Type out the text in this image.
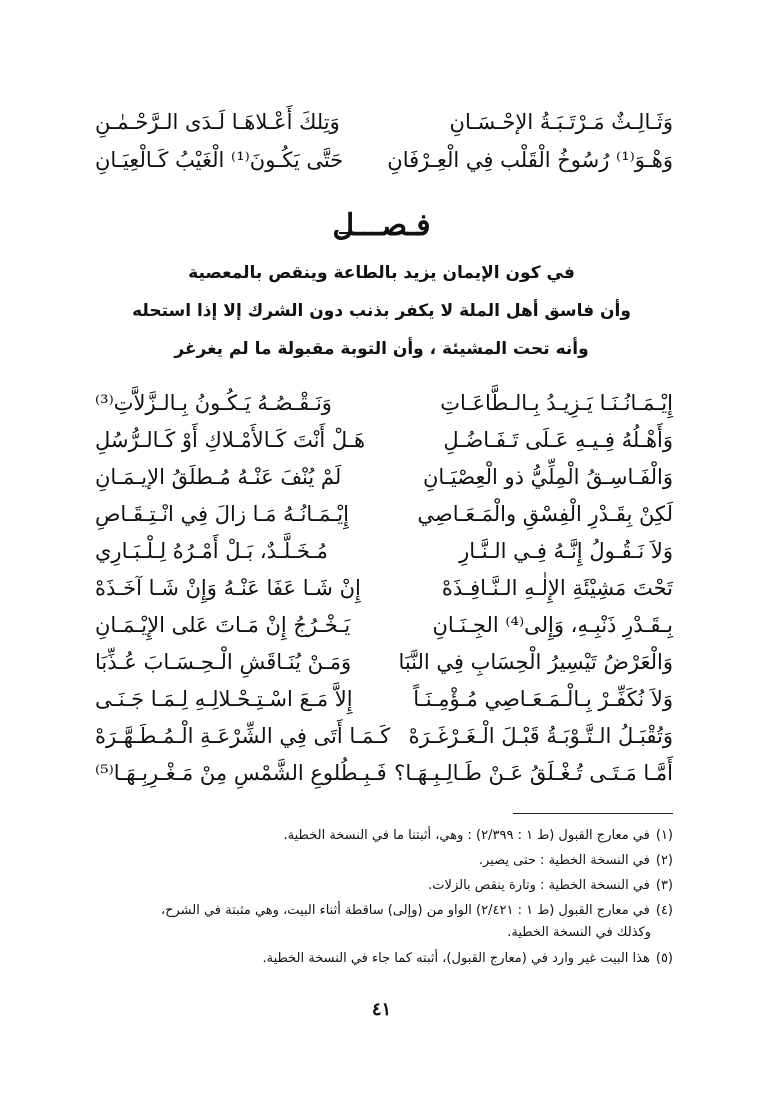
وَثَـالِـثٌ مَـرْتَـبَـةُ الإحْـسَـانِ
وَتِلكَ أَعْـلاهَـا لَـدَى الـرَّحْـمٰـنِ
وَهْـوَ⁽¹⁾ رُسُوخُ الْقَلْب فِي الْعِـرْفَانِ
حَتَّى يَكُـونَ⁽¹⁾ الْغَيْبُ كَـالْعِيَـانِ
فـصـــل
في كون الإيمان يزيد بالطاعة وينقص بالمعصية
وأن فاسق أهل الملة لا يكفر بذنب دون الشرك إلا إذا استحله
وأنه تحت المشيئة ، وأن التوبة مقبولة ما لم يغرغر
إِيْـمَـانُـنَـا يَـزِيـدُ بِـالـطَّاعَـاتِ
وَنَـقْـصُـهُ يَـكُـونُ بِـالـزَّلاَّتِ⁽³⁾
وَأَهْـلُهُ فِـيـهِ عَـلَى تَـفَـاضُـلِ
هَـلْ أَنْتَ كَـالأَمْـلاكِ أَوْ كَـالـرُّسُلِ
وَالْفَـاسِـقُ الْمِلِّيُّ ذو الْعِصْيَـانِ
لَمْ يُنْفَ عَنْـهُ مُـطلَقُ الإيـمَـانِ
لَكِنْ بِقَـدْرِ الْفِسْقِ والْمَـعَـاصِي
إِيْـمَـانُـهُ مَـا زالَ فِي انْـتِـقَـاصِ
وَلاَ نَـقُـولُ إِنَّـهُ فِـي الـنَّـارِ
مُـخَـلَّـدٌ، بَـلْ أَمْـرُهُ لِـلْـبَـارِي
تَحْتَ مَشِيْئَةِ الإِلٰـهِ الـنَّـافِـذَهْ
إِنْ شَـا عَفَا عَنْـهُ وَإِنْ شَـا آخَـذَهْ
بِـقَـدْرِ ذَنْبِـهِ، وَإِلى⁽⁴⁾ الجِـنَـانِ
يَـخْـرُجُ إِنْ مَـاتَ عَلى الإِيْـمَـانِ
وَالْعَرْضُ تَيْسِيرُ الْحِسَابِ فِي النَّبَا
وَمَـنْ يُنَـاقَشِ الْـحِـسَـابَ عُـذِّبَا
وَلاَ نُكَفِّـرْ بِـالْـمَـعَـاصِي مُـؤْمِـنَـاً
إِلاَّ مَـعَ اسْـتِـحْـلالِـهِ لِـمَـا جَـنَـى
وَتُقْبَـلُ الـتَّـوْبَـةُ قَبْـلَ الْـغَـرْغَـرَهْ
كَـمَـا أَتَى فِي الشِّرْعَـةِ الْـمُـطَـهَّـرَهْ
أَمَّـا مَـتَـى تُـغْـلَقُ عَـنْ طَـالِـبِـهَـا؟
فَـبِـطُلوعِ الشَّمْسِ مِنْ مَـغْـرِبِـهَـا⁽⁵⁾
(١)في معارج القبول (ط ١ : ٢/٣٩٩) : وهي، أثبتنا ما في النسخة الخطية.
(٢)في النسخة الخطية : حتى يصير.
(٣)في النسخة الخطية : وتارة ينقص بالزلات.
(٤)في معارج القبول (ط ١ : ٢/٤٢١) الواو من (وإلى) ساقطة أثناء البيت، وهي مثبتة في الشرح،
وكذلك في النسخة الخطية.
(٥)هذا البيت غير وارد في (معارج القبول)، أثبته كما جاء في النسخة الخطية.
٤١
